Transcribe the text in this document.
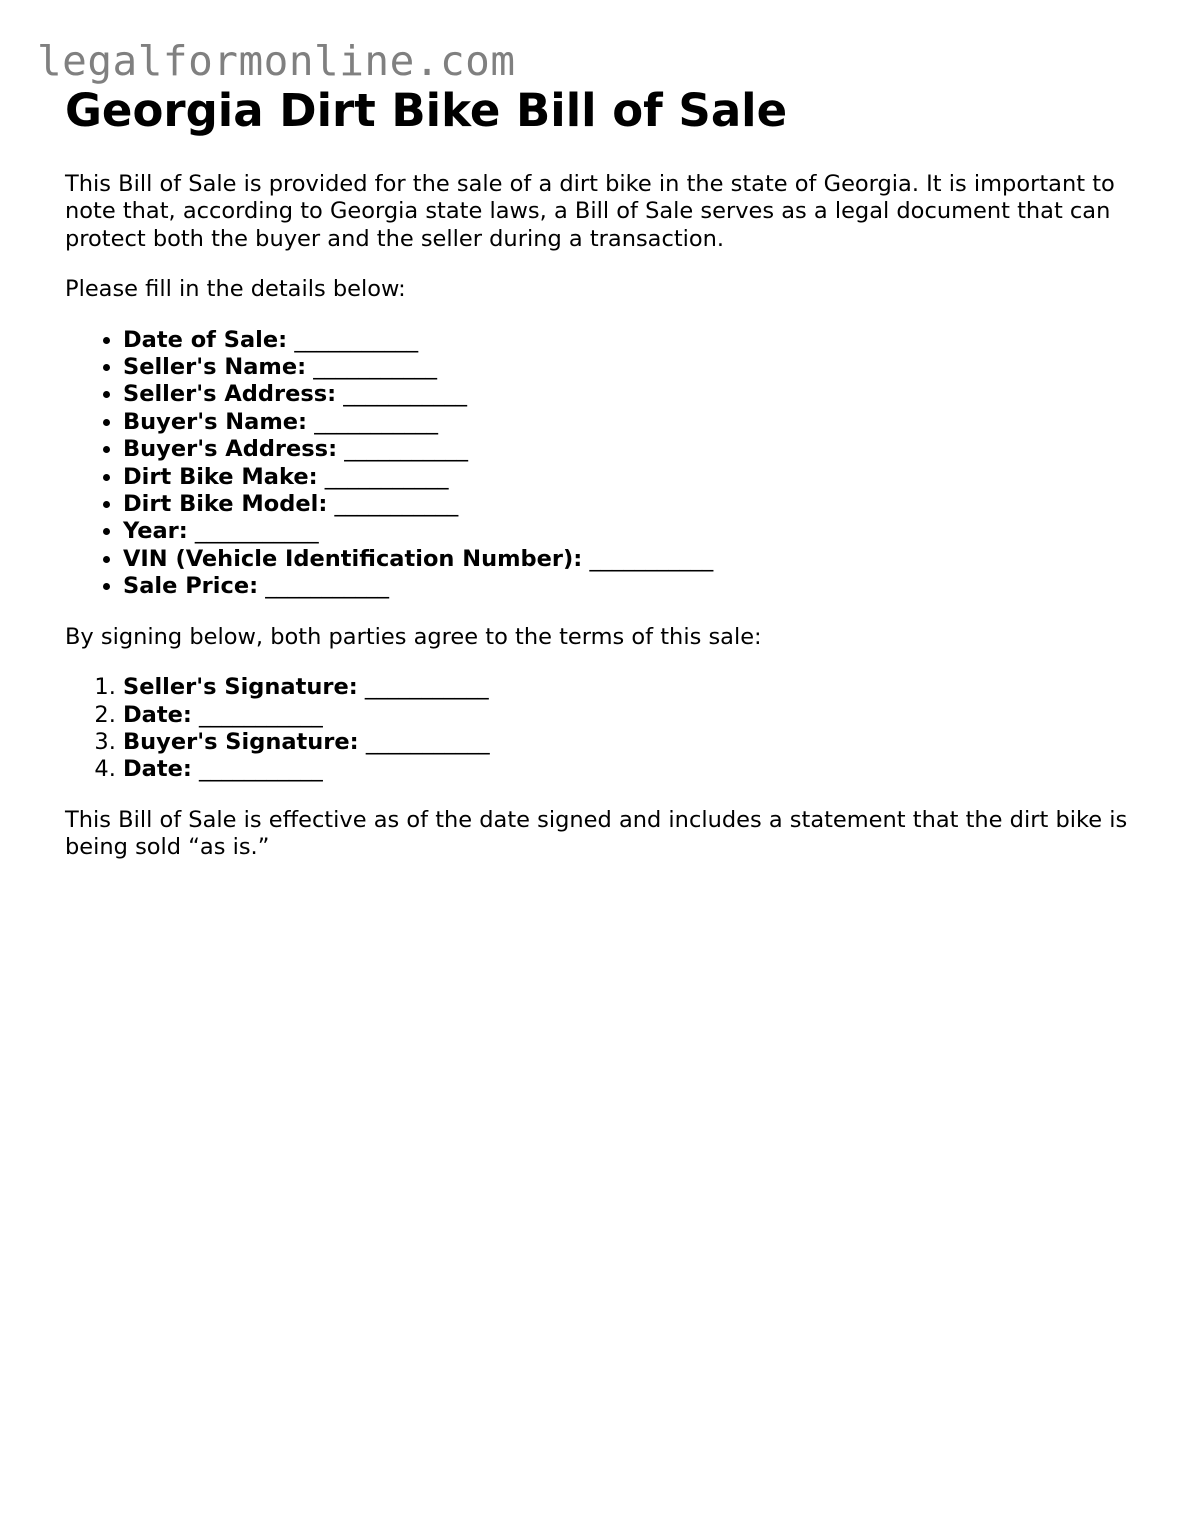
legalformonline.com
Georgia Dirt Bike Bill of Sale

This Bill of Sale is provided for the sale of a dirt bike in the state of Georgia. It is important to note that, according to Georgia state laws, a Bill of Sale serves as a legal document that can protect both the buyer and the seller during a transaction.

Please fill in the details below:

• Date of Sale: ___________
• Seller's Name: ___________
• Seller's Address: ___________
• Buyer's Name: ___________
• Buyer's Address: ___________
• Dirt Bike Make: ___________
• Dirt Bike Model: ___________
• Year: ___________
• VIN (Vehicle Identification Number): ___________
• Sale Price: ___________

By signing below, both parties agree to the terms of this sale:

1. Seller's Signature: ___________
2. Date: ___________
3. Buyer's Signature: ___________
4. Date: ___________

This Bill of Sale is effective as of the date signed and includes a statement that the dirt bike is being sold “as is.”
